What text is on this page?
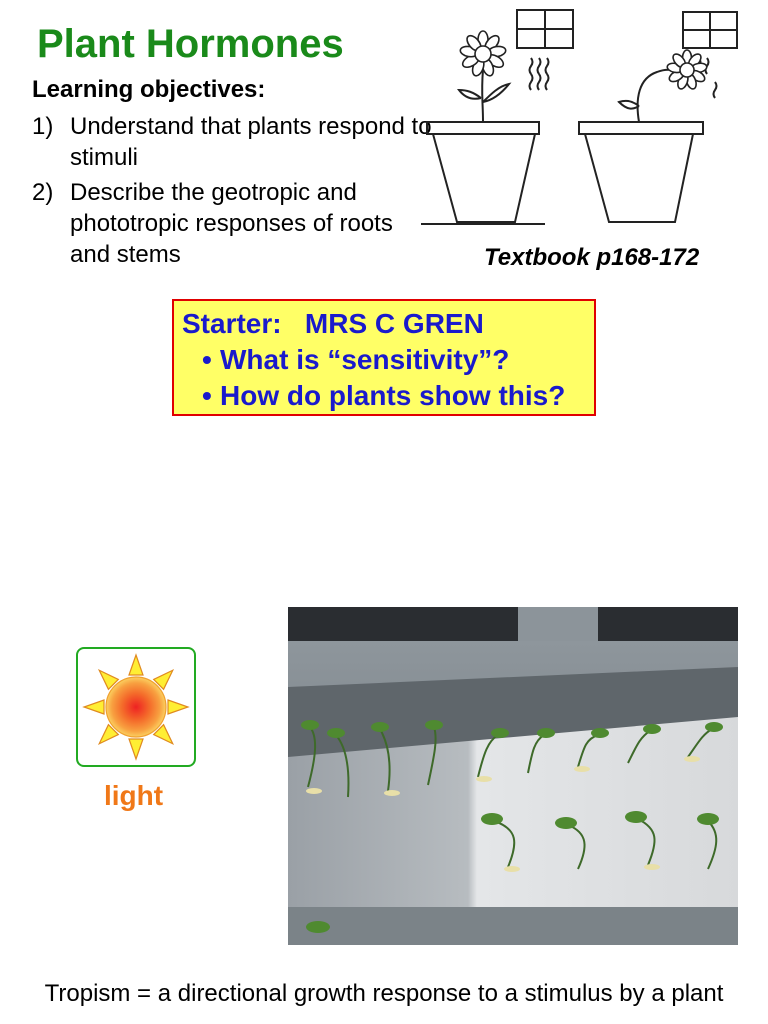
Plant Hormones
Learning objectives:
1) Understand that plants respond to stimuli
2) Describe the geotropic and phototropic responses of roots and stems	Textbook p168-172
Starter:   MRS C GREN
• What is “sensitivity”?
• How do plants show this?
light
Tropism = a directional growth response to a stimulus by a plant
